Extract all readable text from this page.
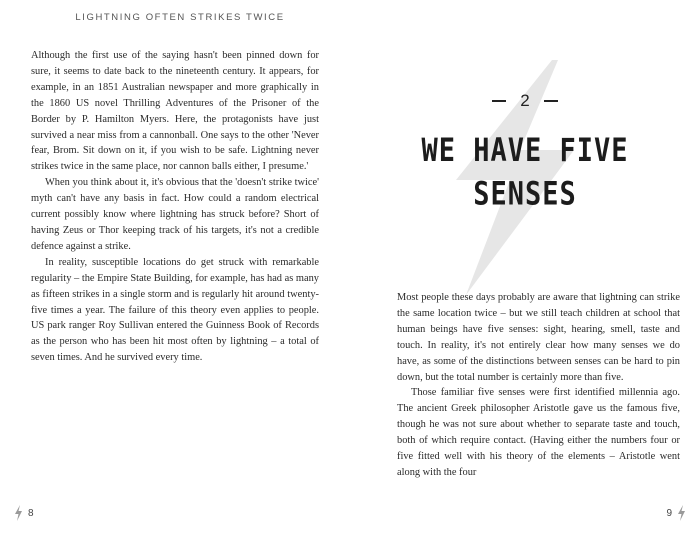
LIGHTNING OFTEN STRIKES TWICE

Although the first use of the saying hasn't been pinned down for sure, it seems to date back to the nineteenth century. It appears, for example, in an 1851 Australian newspaper and more graphically in the 1860 US novel Thrilling Adventures of the Prisoner of the Border by P. Hamilton Myers. Here, the protagonists have just survived a near miss from a cannonball. One says to the other 'Never fear, Brom. Sit down on it, if you wish to be safe. Lightning never strikes twice in the same place, nor cannon balls either, I presume.'

When you think about it, it's obvious that the 'doesn't strike twice' myth can't have any basis in fact. How could a random electrical current possibly know where lightning has struck before? Short of having Zeus or Thor keeping track of his targets, it's not a credible defence against a strike.

In reality, susceptible locations do get struck with remarkable regularity – the Empire State Building, for example, has had as many as fifteen strikes in a single storm and is regularly hit around twenty-five times a year. The failure of this theory even applies to people. US park ranger Roy Sullivan entered the Guinness Book of Records as the person who has been hit most often by lightning – a total of seven times. And he survived every time.

8
2
WE HAVE FIVE
SENSES

Most people these days probably are aware that lightning can strike the same location twice – but we still teach children at school that human beings have five senses: sight, hearing, smell, taste and touch. In reality, it's not entirely clear how many senses we do have, as some of the distinctions between senses can be hard to pin down, but the total number is certainly more than five.

Those familiar five senses were first identified millennia ago. The ancient Greek philosopher Aristotle gave us the famous five, though he was not sure about whether to separate taste and touch, both of which require contact. (Having either the numbers four or five fitted well with his theory of the elements – Aristotle went along with the four

9
